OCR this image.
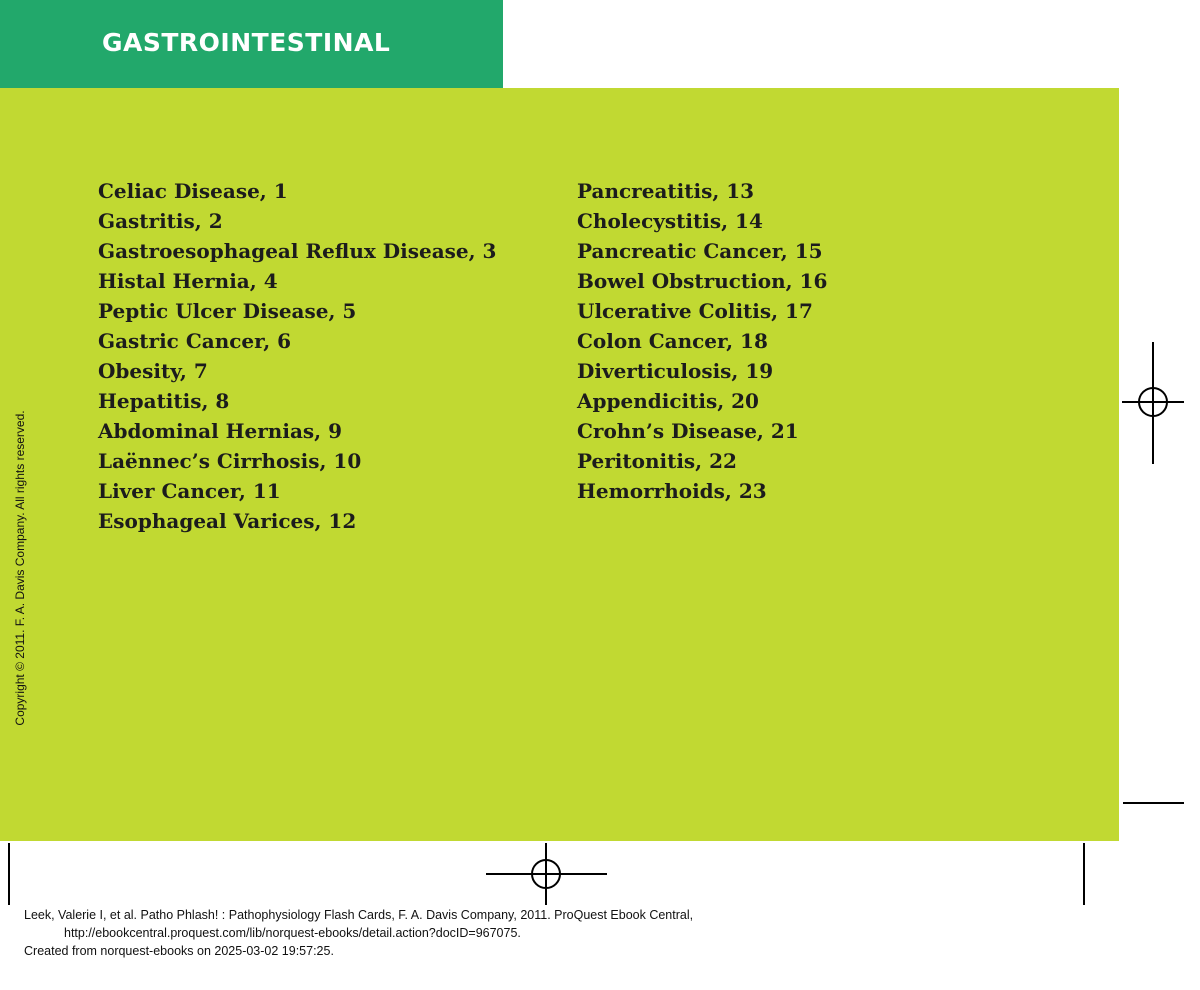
GASTROINTESTINAL
Celiac Disease, 1
Gastritis, 2
Gastroesophageal Reflux Disease, 3
Histal Hernia, 4
Peptic Ulcer Disease, 5
Gastric Cancer, 6
Obesity, 7
Hepatitis, 8
Abdominal Hernias, 9
Laënnec’s Cirrhosis, 10
Liver Cancer, 11
Esophageal Varices, 12
Pancreatitis, 13
Cholecystitis, 14
Pancreatic Cancer, 15
Bowel Obstruction, 16
Ulcerative Colitis, 17
Colon Cancer, 18
Diverticulosis, 19
Appendicitis, 20
Crohn’s Disease, 21
Peritonitis, 22
Hemorrhoids, 23
Copyright © 2011. F. A. Davis Company. All rights reserved.
Leek, Valerie I, et al. Patho Phlash! : Pathophysiology Flash Cards, F. A. Davis Company, 2011. ProQuest Ebook Central,
http://ebookcentral.proquest.com/lib/norquest-ebooks/detail.action?docID=967075.
Created from norquest-ebooks on 2025-03-02 19:57:25.
